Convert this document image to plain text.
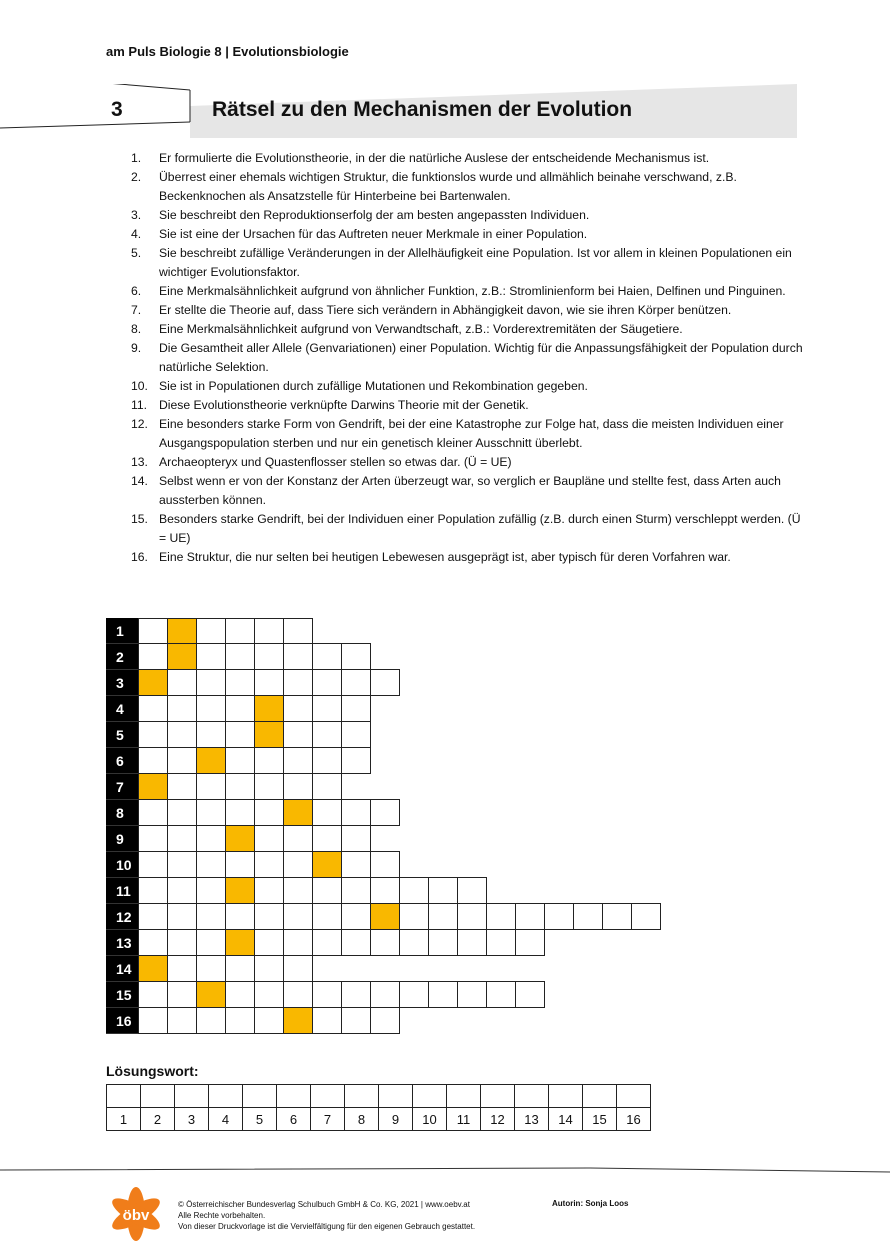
am Puls Biologie 8 | Evolutionsbiologie
3	Rätsel zu den Mechanismen der Evolution
1.	Er formulierte die Evolutionstheorie, in der die natürliche Auslese der entscheidende Mechanismus ist.
2.	Überrest einer ehemals wichtigen Struktur, die funktionslos wurde und allmählich beinahe verschwand, z.B. Beckenknochen als Ansatzstelle für Hinterbeine bei Bartenwalen.
3.	Sie beschreibt den Reproduktionserfolg der am besten angepassten Individuen.
4.	Sie ist eine der Ursachen für das Auftreten neuer Merkmale in einer Population.
5.	Sie beschreibt zufällige Veränderungen in der Allelhäufigkeit eine Population. Ist vor allem in kleinen Populationen ein wichtiger Evolutionsfaktor.
6.	Eine Merkmalsähnlichkeit aufgrund von ähnlicher Funktion, z.B.: Stromlinienform bei Haien, Delfinen und Pinguinen.
7.	Er stellte die Theorie auf, dass Tiere sich verändern in Abhängigkeit davon, wie sie ihren Körper benützen.
8.	Eine Merkmalsähnlichkeit aufgrund von Verwandtschaft, z.B.: Vorderextremitäten der Säugetiere.
9.	Die Gesamtheit aller Allele (Genvariationen) einer Population. Wichtig für die Anpassungsfähigkeit der Population durch natürliche Selektion.
10. Sie ist in Populationen durch zufällige Mutationen und Rekombination gegeben.
11. Diese Evolutionstheorie verknüpfte Darwins Theorie mit der Genetik.
12. Eine besonders starke Form von Gendrift, bei der eine Katastrophe zur Folge hat, dass die meisten Individuen einer Ausgangspopulation sterben und nur ein genetisch kleiner Ausschnitt überlebt.
13. Archaeopteryx und Quastenflosser stellen so etwas dar. (Ü = UE)
14. Selbst wenn er von der Konstanz der Arten überzeugt war, so verglich er Baupläne und stellte fest, dass Arten auch aussterben können.
15. Besonders starke Gendrift, bei der Individuen einer Population zufällig (z.B. durch einen Sturm) verschleppt werden. (Ü = UE)
16. Eine Struktur, die nur selten bei heutigen Lebewesen ausgeprägt ist, aber typisch für deren Vorfahren war.
1
2
3
4
5
6
7
8
9
10
11
12
13
14
15
16
Lösungswort:

1	2	3	4	5	6	7	8	9	10	11	12	13	14	15	16
öbv
© Österreichischer Bundesverlag Schulbuch GmbH & Co. KG, 2021 | www.oebv.at
Alle Rechte vorbehalten.
Von dieser Druckvorlage ist die Vervielfältigung für den eigenen Gebrauch gestattet.
Autorin: Sonja Loos
